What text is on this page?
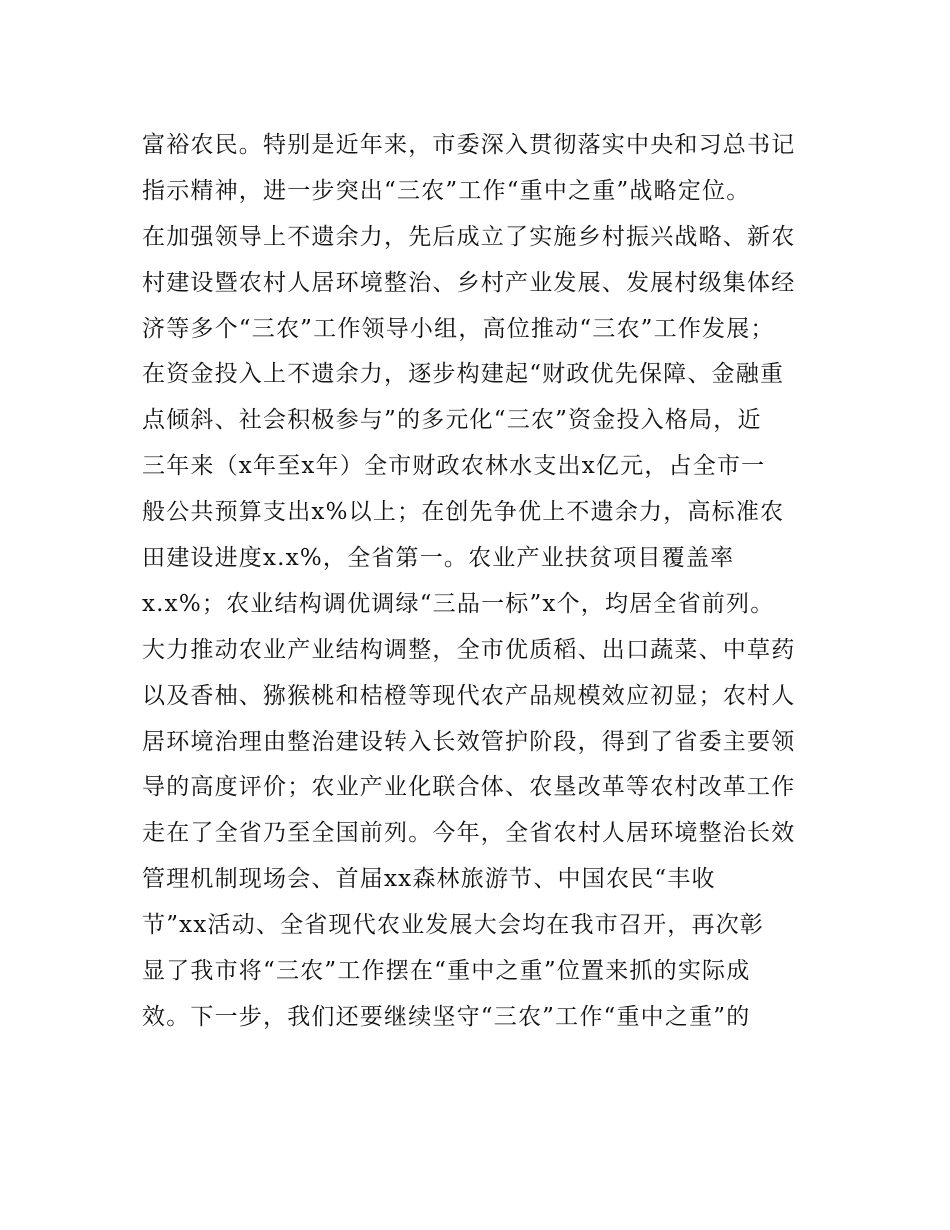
富裕农民。特别是近年来，市委深入贯彻落实中央和习总书记
指示精神，进一步突出“三农”工作“重中之重”战略定位。
在加强领导上不遗余力，先后成立了实施乡村振兴战略、新农
村建设暨农村人居环境整治、乡村产业发展、发展村级集体经
济等多个“三农”工作领导小组，高位推动“三农”工作发展；
在资金投入上不遗余力，逐步构建起“财政优先保障、金融重
点倾斜、社会积极参与”的多元化“三农”资金投入格局，近
三年来（x年至x年）全市财政农林水支出x亿元，占全市一
般公共预算支出x%以上；在创先争优上不遗余力，高标准农
田建设进度x.x%，全省第一。农业产业扶贫项目覆盖率
x.x%；农业结构调优调绿“三品一标”x个，均居全省前列。
大力推动农业产业结构调整，全市优质稻、出口蔬菜、中草药
以及香柚、猕猴桃和桔橙等现代农产品规模效应初显；农村人
居环境治理由整治建设转入长效管护阶段，得到了省委主要领
导的高度评价；农业产业化联合体、农垦改革等农村改革工作
走在了全省乃至全国前列。今年，全省农村人居环境整治长效
管理机制现场会、首届xx森林旅游节、中国农民“丰收
节”xx活动、全省现代农业发展大会均在我市召开，再次彰
显了我市将“三农”工作摆在“重中之重”位置来抓的实际成
效。下一步，我们还要继续坚守“三农”工作“重中之重”的
